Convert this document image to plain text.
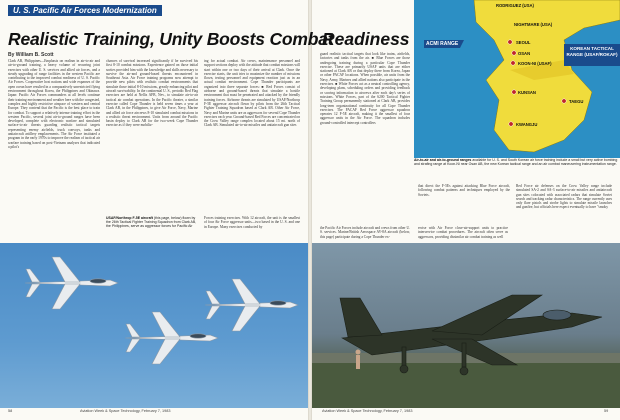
U. S. Pacific Air Forces Modernization
Realistic Training, Unity Boosts Combat
By William B. Scott
Clark AB, Philippines—Emphasis on realism in air-to-air and air-to-ground training, a heavy volume of recurring joint exercises with other U. S. services and allied air forces, and a steady upgrading of range facilities in the western Pacific are contributing to the improved combat readiness of U. S. Pacific Air Forces. Cooperative host nations and wide expanses of the open ocean have resulted in a comparatively unrestricted flying environment throughout Korea, the Philippines and Okinawa. Japan: Pacific Air Forces commanders at all levels continue their training environment and weather here with the congested, complex and highly restrictive airspace of western and central Europe. They contend that the Pacific is the best place to train for combat. To support a relatively intense training effort in the western Pacific, several joint air-to-ground ranges have been developed, complete with electronic warfare and simulated surface-to-air threats guarding realistic tactical targets representing enemy airfields, truck convoys, tanks and antiaircraft artillery emplacements. The Air Force instituted a program in the early 1970s to improve the realism of tactical air warfare training based on post-Vietnam analyses that indicated a pilot's
chances of survival increased significantly if he survived his first 8-10 combat missions. Experience gained on those initial sorties provided him with the knowledge and skills necessary to survive the air-and ground-based threats encountered in Southeast Asia. Air Force training programs now attempt to provide new pilots with realistic combat environments that simulate those initial 8-10 missions, greatly enhancing pilot and aircraft survivability. In the continental U. S., periodic Red Flag exercises are held at Nellis AFB, Nev., to simulate air-to-air tactical air combat operations. In the Pacific theater, a similar exercise called Cope Thunder is held seven times a year at Clark AB, in the Philippines, to give Air Force, Navy, Marine and allied air force aircrews 8-10 simulated combat missions in a realistic threat environment. Units from around the Pacific basin deploy to Clark AB for the two-week Cope Thunder exercise as if they were mobiliz-
USAF/Northrop F-5E aircraft (this page, below) flown by the 26th Tactical Fighter Training Squadron from Clark AB, the Philippines, serve as aggressor forces for Pacific Air
ing for actual combat. Air crews, maintenance personnel and support sections deploy with the attitude that combat missions will start within one or two days of their arrival at Clark. Once the exercise starts, the unit tries to maximize the number of missions flown, testing personnel and equipment reaction just as in an actual combat environment. Cope Thunder participants are organized into three separate forces: ■ Red Forces consist of airborne and ground-based threats that simulate a hostile environment that must be penetrated and attacked by the friendly training forces. Airborne threats are simulated by USAF/Northrop F-5E aggressor aircraft flown by pilots from the 26th Tactical Fighter Training Squadron based at Clark AB. Other Air Force, Navy and Marine units are as aggressors for several Cope Thunder exercises each year. Ground-based Red Forces are concentrated on the Crow Valley range complex located about 15 mi. north of Clark AB. Simulated air-to-air missiles and antiaircraft gun sites
Forces training exercises. With 12 aircraft, the unit is the smallest of four Air Force aggressor units—two based in the U. S. and one in Europe. Many exercises conducted by
58	Aviation Week & Space Technology, February 7, 1983
Readiness
RODRIGUEZ (USA)
NIGHTMARE (USA)
SEOUL
OSAN
KOON-NI (USAF)
KUNSAN
TAEGU
KWANGJU
KOREAN TACTICAL RANGE (USAF/ROKAF)
ACMI RANGE
Air-to-air and air-to-ground ranges available for U. S. and South Korean air force training include a small but very active bombing and strafing range at Koon-Ni near Osan AB, the new Korean tactical range and an air combat maneuvering instrumentation range.
guard realistic tactical targets that look like trains, airfields, factories and tanks from the air. ■ Blue Forces are those undergoing training during a particular Cope Thunder exercise. These are primarily USAF units that are either stationed at Clark AB or that deploy there from Korea, Japan or other PACAF locations. When possible, air units from the Navy, Army, Marines and allied nations also participate in the exercises. ■ White Forces act as a neutral controlling agency, developing plans, scheduling orders and providing feedback or scoring information to aircrews after each day's series of missions. White Forces, part of the 6200 Tactical Fighter Training Group permanently stationed at Clark AB, provides long-term organizational continuity for all Cope Thunder exercises. The PACAF Red Force aggressor squadron operates 12 F-5E aircraft, making it the smallest of four aggressor units in the Air Force. The squadron includes ground-controlled intercept controllers
the Pacific Air Forces include aircraft and crews from other U. S. services. Marine/British Aerospace AV-8A aircraft (below, this page) participate during a Cope Thunder ex-
ercise with Air Force close-air-support units to practice interservice combat procedures. The aircraft often serve as aggressors, providing dissimilar air combat training as well
that direct the F-5Es against attacking Blue Force aircraft, following combat patterns and techniques employed by the Soviets.
Red Force air defenses on the Crow Valley range include simulated SA-2 and SA-3 surface-to-air missiles and antiaircraft gun sites colocated with associated radars that simulate Soviet search and tracking radar characteristics. The range currently uses only flare pistols and strobe lights to simulate missile launches and gunfire, but officials here expect eventually to have "smoky
Aviation Week & Space Technology, February 7, 1983	59
